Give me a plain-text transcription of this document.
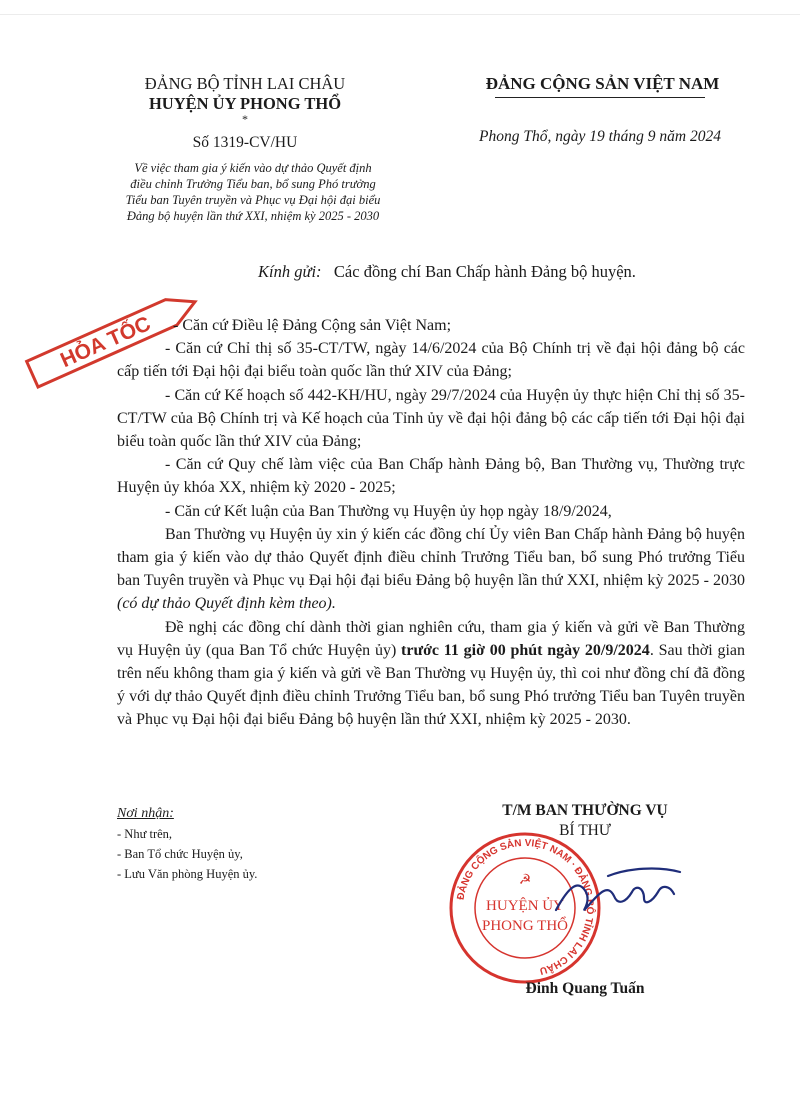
ĐẢNG BỘ TỈNH LAI CHÂU
HUYỆN ỦY PHONG THỔ
*
Số 1319-CV/HU
Về việc tham gia ý kiến vào dự thảo Quyết định
điều chỉnh Trưởng Tiểu ban, bổ sung Phó trưởng
Tiểu ban Tuyên truyền và Phục vụ Đại hội đại biểu
Đảng bộ huyện lần thứ XXI, nhiệm kỳ 2025 - 2030
ĐẢNG CỘNG SẢN VIỆT NAM
Phong Thổ, ngày 19 tháng 9 năm 2024
HỎA TỐC
Kính gửi: Các đồng chí Ban Chấp hành Đảng bộ huyện.

- Căn cứ Điều lệ Đảng Cộng sản Việt Nam;

- Căn cứ Chỉ thị số 35-CT/TW, ngày 14/6/2024 của Bộ Chính trị về đại hội đảng bộ các cấp tiến tới Đại hội đại biểu toàn quốc lần thứ XIV của Đảng;

- Căn cứ Kế hoạch số 442-KH/HU, ngày 29/7/2024 của Huyện ủy thực hiện Chỉ thị số 35-CT/TW của Bộ Chính trị và Kế hoạch của Tỉnh ủy về đại hội đảng bộ các cấp tiến tới Đại hội đại biểu toàn quốc lần thứ XIV của Đảng;

- Căn cứ Quy chế làm việc của Ban Chấp hành Đảng bộ, Ban Thường vụ, Thường trực Huyện ủy khóa XX, nhiệm kỳ 2020 - 2025;

- Căn cứ Kết luận của Ban Thường vụ Huyện ủy họp ngày 18/9/2024,

Ban Thường vụ Huyện ủy xin ý kiến các đồng chí Ủy viên Ban Chấp hành Đảng bộ huyện tham gia ý kiến vào dự thảo Quyết định điều chỉnh Trưởng Tiểu ban, bổ sung Phó trưởng Tiểu ban Tuyên truyền và Phục vụ Đại hội đại biểu Đảng bộ huyện lần thứ XXI, nhiệm kỳ 2025 - 2030 (có dự thảo Quyết định kèm theo).

Đề nghị các đồng chí dành thời gian nghiên cứu, tham gia ý kiến và gửi về Ban Thường vụ Huyện ủy (qua Ban Tổ chức Huyện ủy) trước 11 giờ 00 phút ngày 20/9/2024. Sau thời gian trên nếu không tham gia ý kiến và gửi về Ban Thường vụ Huyện ủy, thì coi như đồng chí đã đồng ý với dự thảo Quyết định điều chỉnh Trưởng Tiểu ban, bổ sung Phó trưởng Tiểu ban Tuyên truyền và Phục vụ Đại hội đại biểu Đảng bộ huyện lần thứ XXI, nhiệm kỳ 2025 - 2030.

Nơi nhận:
- Như trên,
- Ban Tổ chức Huyện ủy,
- Lưu Văn phòng Huyện ủy.
T/M BAN THƯỜNG VỤ
BÍ THƯ
ĐẢNG CỘNG SẢN VIỆT NAM · ĐẢNG BỘ TỈNH LAI CHÂU
☭
HUYỆN ỦY
PHONG THỔ
Đinh Quang Tuấn
